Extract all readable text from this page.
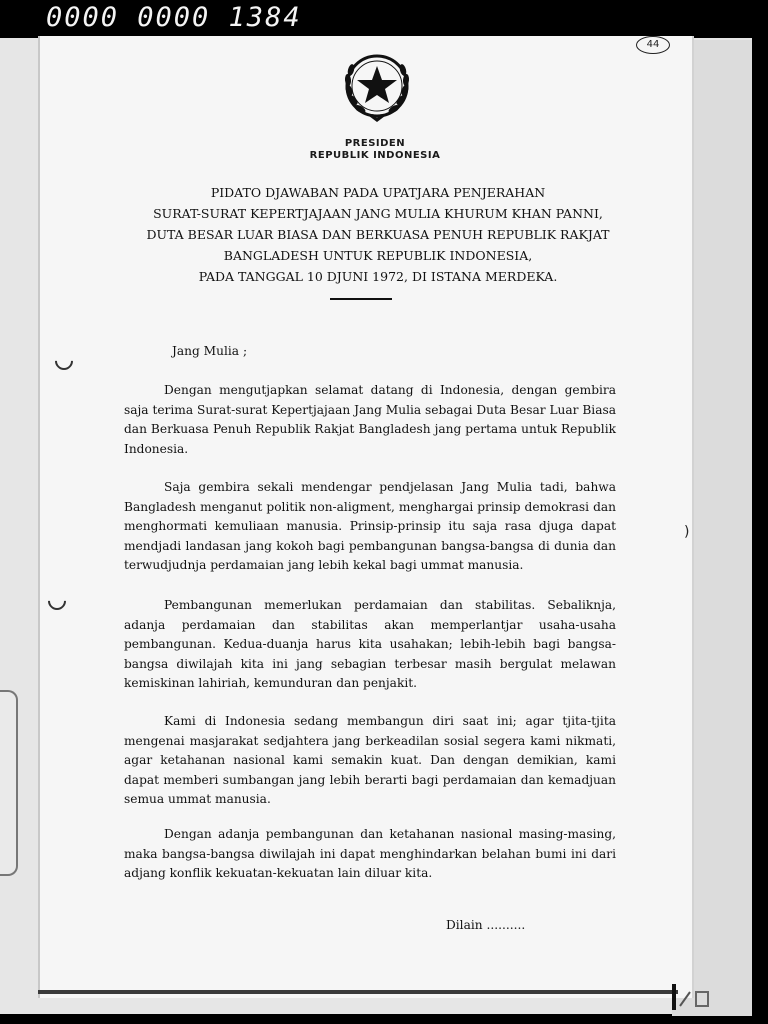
0000 0000 1384
44
PRESIDEN
REPUBLIK INDONESIA
PIDATO DJAWABAN PADA UPATJARA PENJERAHAN
SURAT-SURAT KEPERTJAJAAN JANG MULIA KHURUM KHAN PANNI,
DUTA BESAR LUAR BIASA DAN BERKUASA PENUH REPUBLIK RAKJAT
BANGLADESH UNTUK REPUBLIK INDONESIA,
PADA TANGGAL 10 DJUNI 1972, DI ISTANA MERDEKA.
Jang Mulia ;

Dengan mengutjapkan selamat datang di Indonesia, dengan gembira saja terima Surat-surat Kepertjajaan Jang Mulia sebagai Duta Besar Luar Biasa dan Berkuasa Penuh Republik Rakjat Bangladesh jang pertama untuk Republik Indonesia.

Saja gembira sekali mendengar pendjelasan Jang Mulia tadi, bahwa Bangladesh menganut politik non-aligment, menghargai prinsip demokrasi dan menghormati kemuliaan manusia. Prinsip-prinsip itu saja rasa djuga dapat mendjadi landasan jang kokoh bagi pembangunan bangsa-bangsa di dunia dan terwudjudnja perdamaian jang lebih kekal bagi ummat manusia.

Pembangunan memerlukan perdamaian dan stabilitas. Sebaliknja, adanja perdamaian dan stabilitas akan memperlantjar usaha-usaha pembangunan. Kedua-duanja harus kita usahakan; lebih-lebih bagi bangsa-bangsa diwilajah kita ini jang sebagian terbesar masih bergulat melawan kemiskinan lahiriah, kemunduran dan penjakit.

Kami di Indonesia sedang membangun diri saat ini; agar tjita-tjita mengenai masjarakat sedjahtera jang berkeadilan sosial segera kami nikmati, agar ketahanan nasional kami semakin kuat. Dan dengan demikian, kami dapat memberi sumbangan jang lebih berarti bagi perdamaian dan kemadjuan semua ummat manusia.

Dengan adanja pembangunan dan ketahanan nasional masing-masing, maka bangsa-bangsa diwilajah ini dapat menghindarkan belahan bumi ini dari adjang konflik kekuatan-kekuatan lain diluar kita.

Dilain ..........
)
